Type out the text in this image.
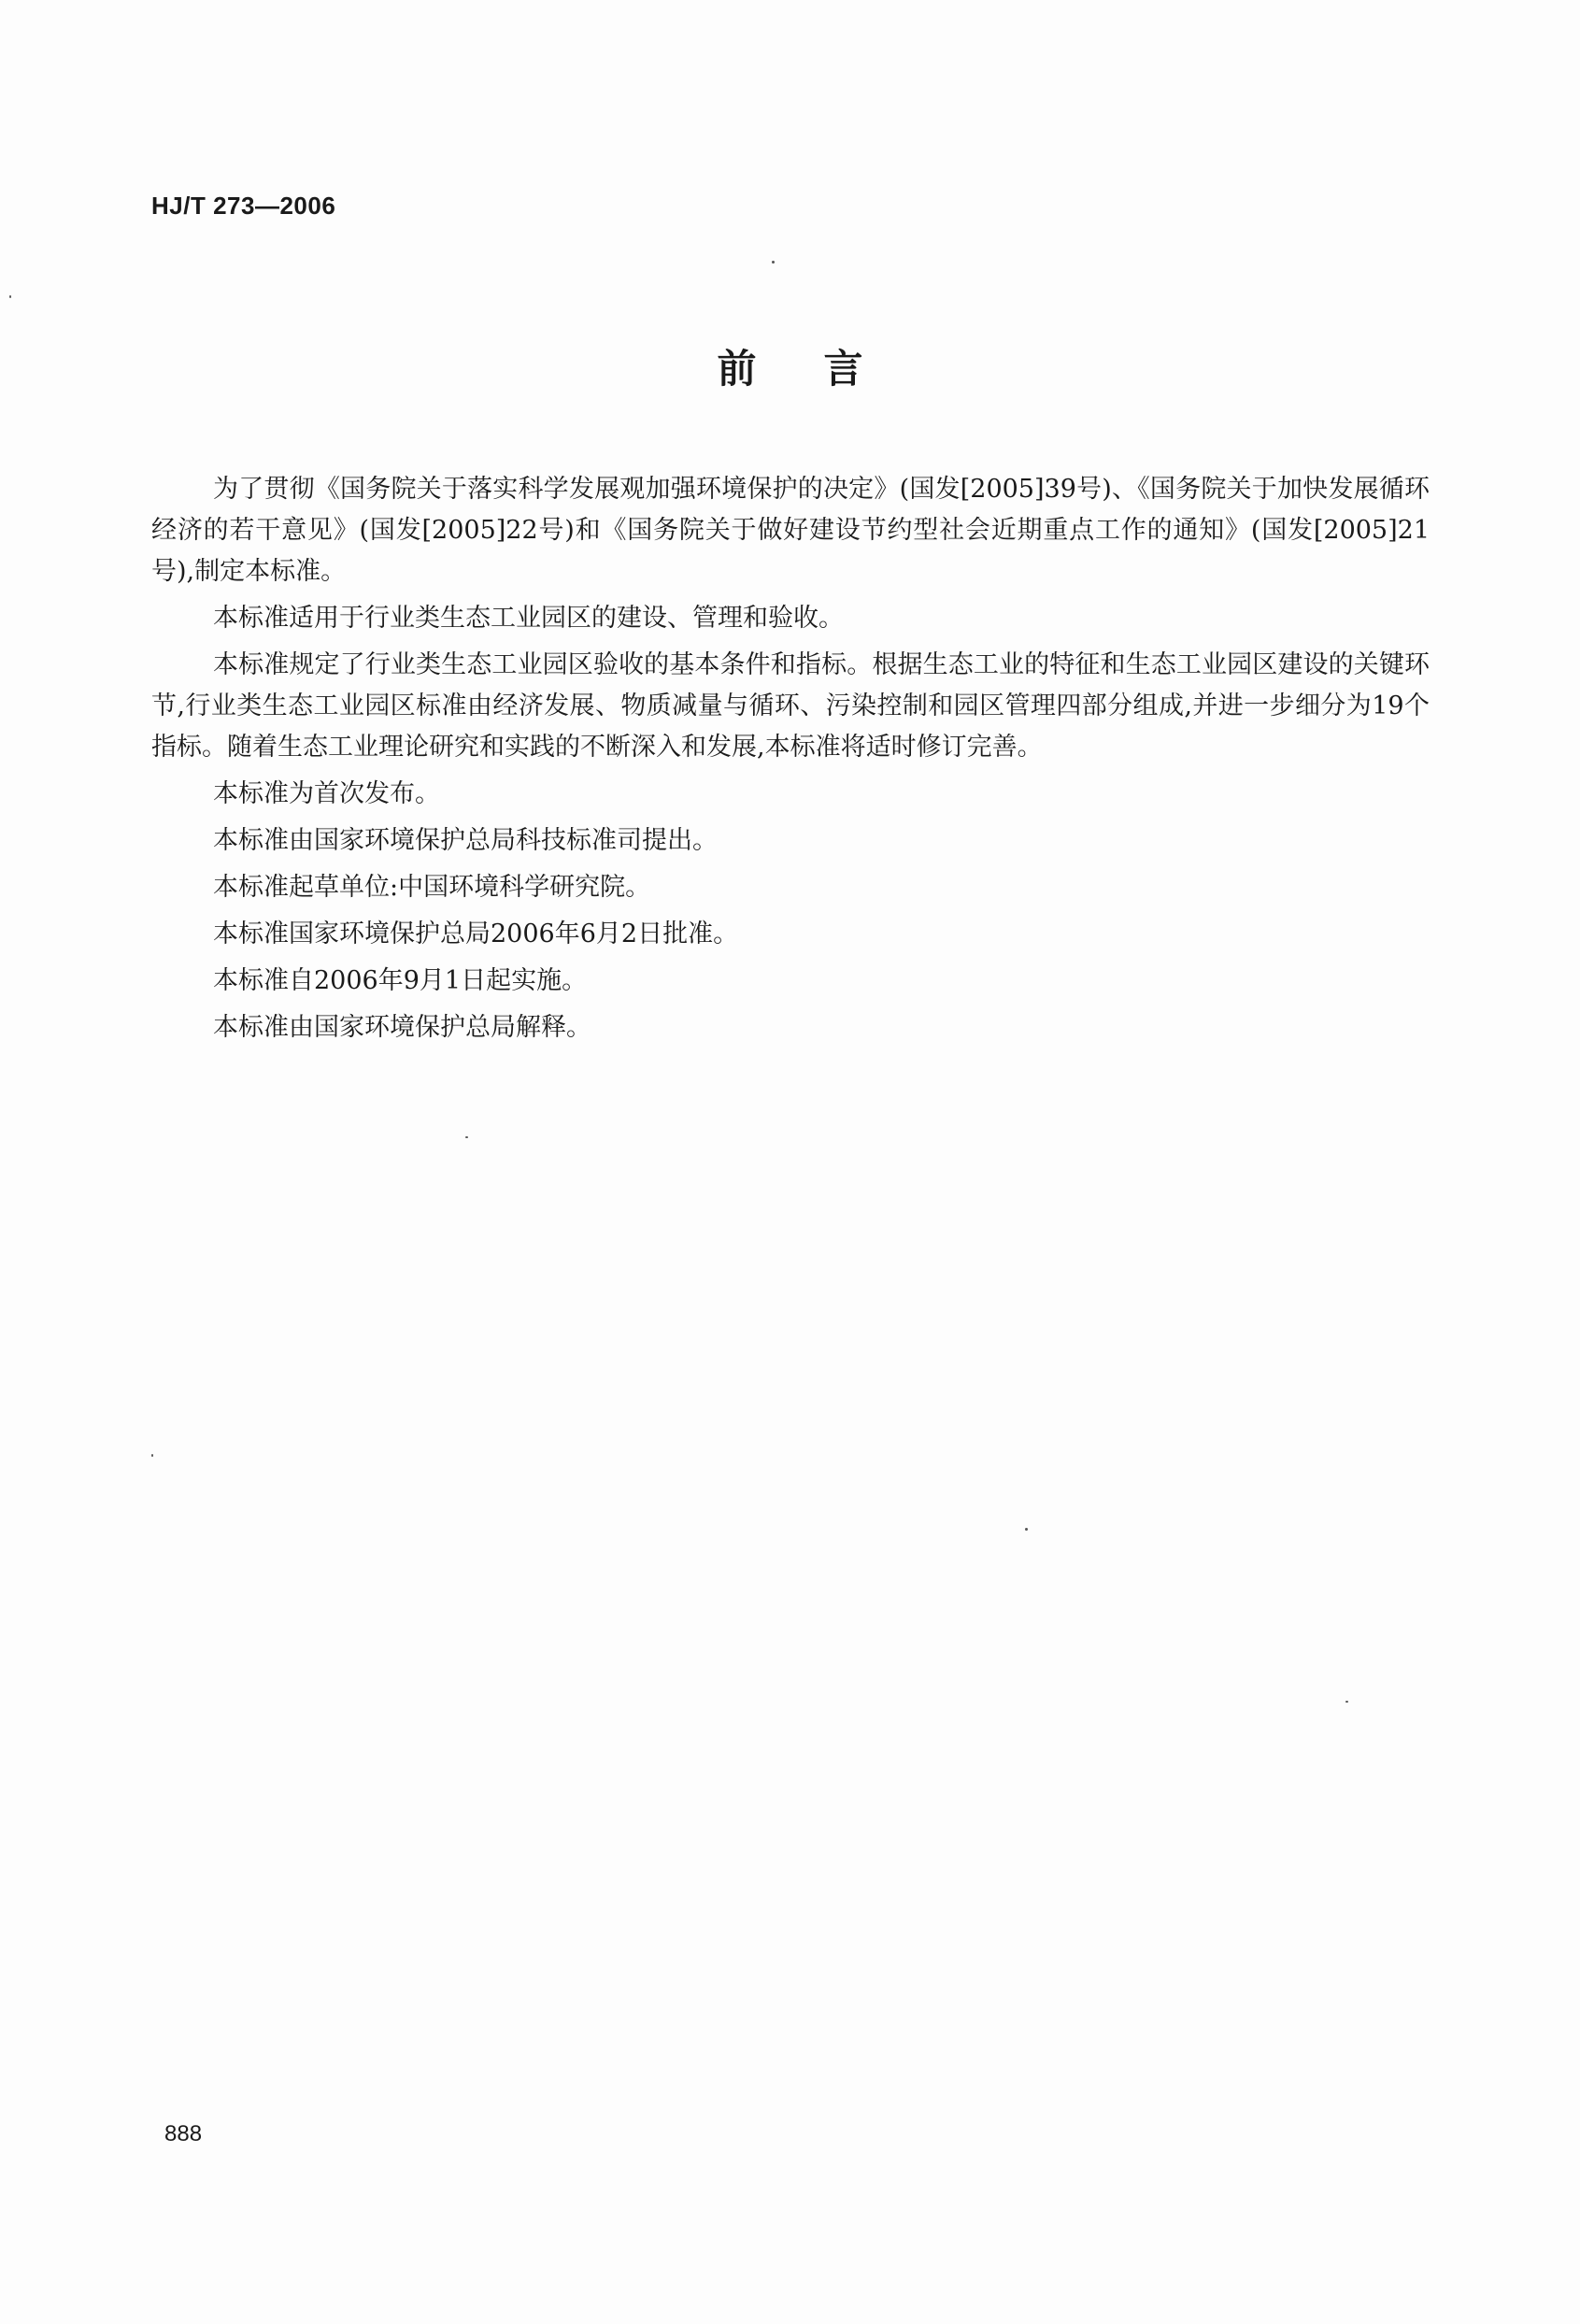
HJ/T 273—2006
前言

为了贯彻《国务院关于落实科学发展观加强环境保护的决定》(国发[2005]39号)、《国务院关于加快发展循环经济的若干意见》(国发[2005]22号)和《国务院关于做好建设节约型社会近期重点工作的通知》(国发[2005]21号),制定本标准。

本标准适用于行业类生态工业园区的建设、管理和验收。

本标准规定了行业类生态工业园区验收的基本条件和指标。根据生态工业的特征和生态工业园区建设的关键环节,行业类生态工业园区标准由经济发展、物质减量与循环、污染控制和园区管理四部分组成,并进一步细分为19个指标。随着生态工业理论研究和实践的不断深入和发展,本标准将适时修订完善。

本标准为首次发布。

本标准由国家环境保护总局科技标准司提出。

本标准起草单位:中国环境科学研究院。

本标准国家环境保护总局2006年6月2日批准。

本标准自2006年9月1日起实施。

本标准由国家环境保护总局解释。

888
